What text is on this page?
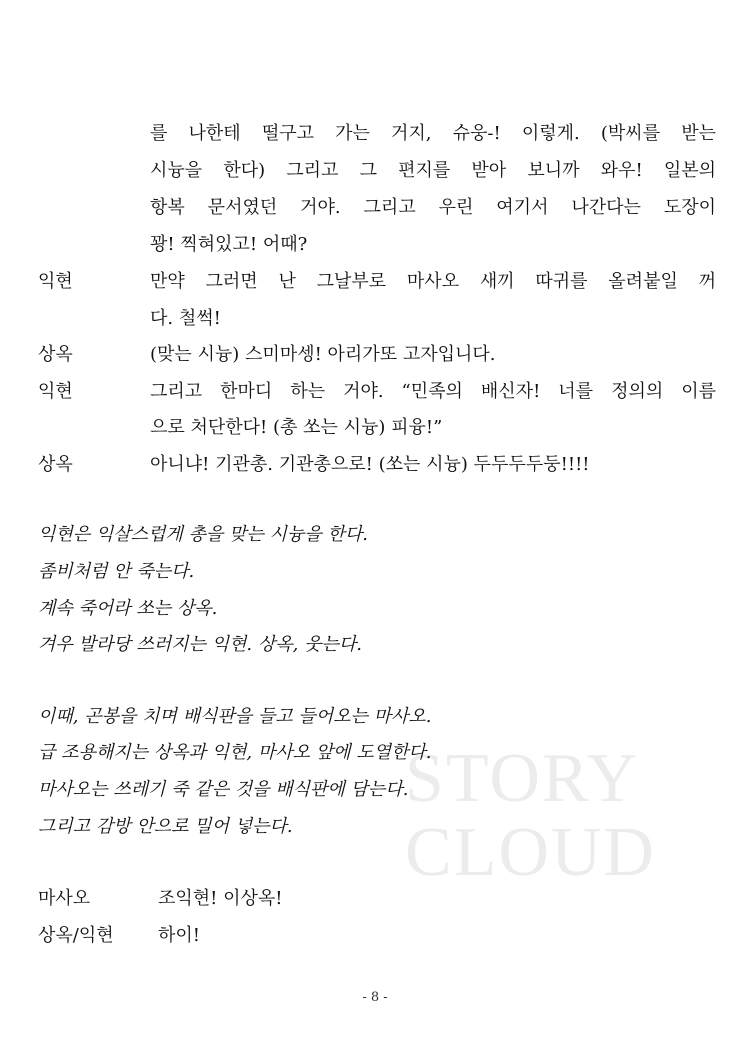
STORY
CLOUD
를 나한테 떨구고 가는 거지, 슈웅-! 이렇게. (박씨를 받는
시늉을 한다) 그리고 그 편지를 받아 보니까 와우! 일본의
항복 문서였던 거야. 그리고 우린 여기서 나간다는 도장이
꽝! 찍혀있고! 어때?
익현	만약 그러면 난 그날부로 마사오 새끼 따귀를 올려붙일 꺼
다. 철썩!
상옥	(맞는 시늉) 스미마셍! 아리가또 고자입니다.
익현	그리고 한마디 하는 거야. “민족의 배신자! 너를 정의의 이름
으로 처단한다! (총 쏘는 시늉) 피융!”
상옥	아니냐! 기관총. 기관총으로! (쏘는 시늉) 두두두두둥!!!!
익현은 익살스럽게 총을 맞는 시늉을 한다.
좀비처럼 안 죽는다.
계속 죽어라 쏘는 상옥.
겨우 발라당 쓰러지는 익현. 상옥, 웃는다.
이때, 곤봉을 치며 배식판을 들고 들어오는 마사오.
급 조용해지는 상옥과 익현, 마사오 앞에 도열한다.
마사오는 쓰레기 죽 같은 것을 배식판에 담는다.
그리고 감방 안으로 밀어 넣는다.
마사오	조익현! 이상옥!
상옥/익현 하이!
- 8 -
